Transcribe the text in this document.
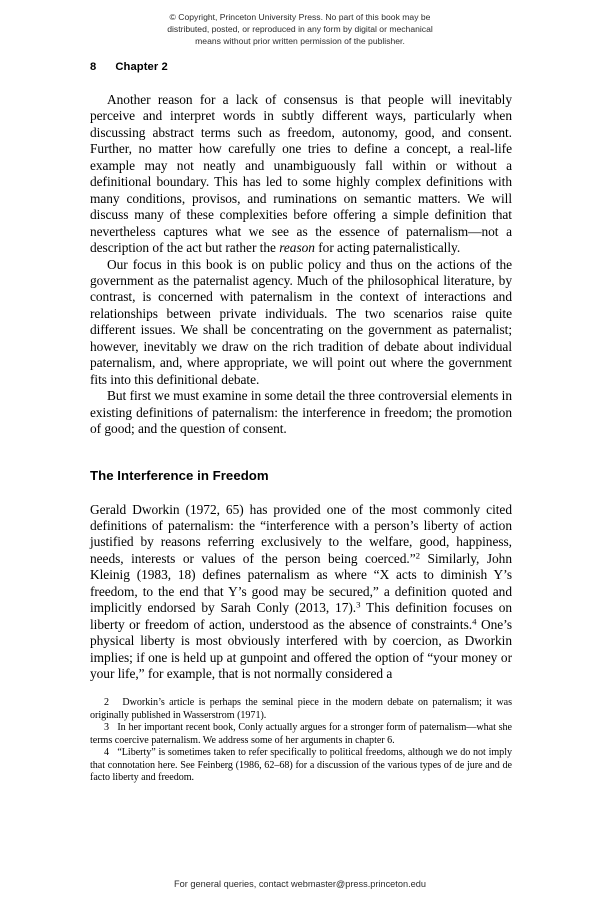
© Copyright, Princeton University Press. No part of this book may be
distributed, posted, or reproduced in any form by digital or mechanical
means without prior written permission of the publisher.
8 Chapter 2

Another reason for a lack of consensus is that people will inevitably perceive and interpret words in subtly different ways, particularly when discussing abstract terms such as freedom, autonomy, good, and consent. Further, no matter how carefully one tries to define a concept, a real-life example may not neatly and unambiguously fall within or without a definitional boundary. This has led to some highly complex definitions with many conditions, provisos, and ruminations on semantic matters. We will discuss many of these complexities before offering a simple definition that nevertheless captures what we see as the essence of paternalism—not a description of the act but rather the reason for acting paternalistically.

Our focus in this book is on public policy and thus on the actions of the government as the paternalist agency. Much of the philosophical literature, by contrast, is concerned with paternalism in the context of interactions and relationships between private individuals. The two scenarios raise quite different issues. We shall be concentrating on the government as paternalist; however, inevitably we draw on the rich tradition of debate about individual paternalism, and, where appropriate, we will point out where the government fits into this definitional debate.

But first we must examine in some detail the three controversial elements in existing definitions of paternalism: the interference in freedom; the promotion of good; and the question of consent.

The Interference in Freedom

Gerald Dworkin (1972, 65) has provided one of the most commonly cited definitions of paternalism: the “interference with a person’s liberty of action justified by reasons referring exclusively to the welfare, good, happiness, needs, interests or values of the person being coerced.”$^2$ Similarly, John Kleinig (1983, 18) defines paternalism as where “X acts to diminish Y’s freedom, to the end that Y’s good may be secured,” a definition quoted and implicitly endorsed by Sarah Conly (2013, 17).$^3$ This definition focuses on liberty or freedom of action, understood as the absence of constraints.$^4$ One’s physical liberty is most obviously interfered with by coercion, as Dworkin implies; if one is held up at gunpoint and offered the option of “your money or your life,” for example, that is not normally considered a

2 Dworkin’s article is perhaps the seminal piece in the modern debate on paternalism; it was originally published in Wasserstrom (1971).

3 In her important recent book, Conly actually argues for a stronger form of paternalism—what she terms coercive paternalism. We address some of her arguments in chapter 6.

4 “Liberty” is sometimes taken to refer specifically to political freedoms, although we do not imply that connotation here. See Feinberg (1986, 62–68) for a discussion of the various types of de jure and de facto liberty and freedom.

For general queries, contact webmaster@press.princeton.edu
